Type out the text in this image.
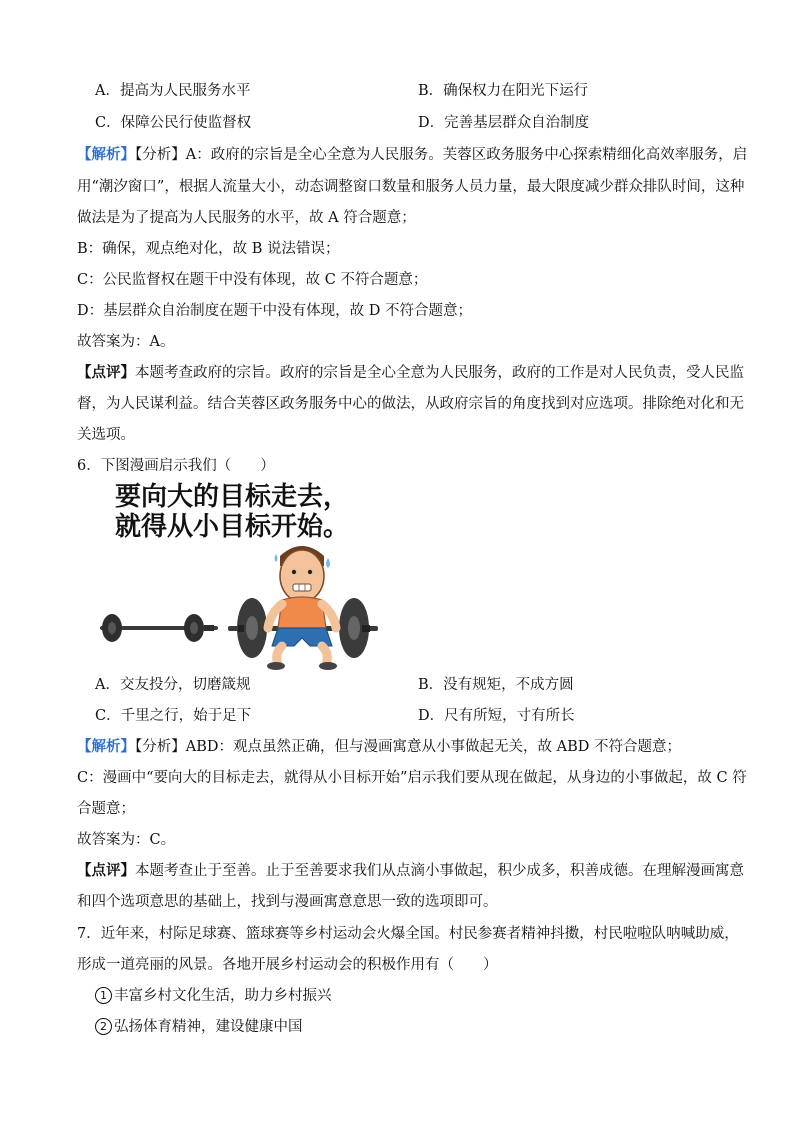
A．提高为人民服务水平	B．确保权力在阳光下运行
C．保障公民行使监督权	D．完善基层群众自治制度
【解析】【分析】A：政府的宗旨是全心全意为人民服务。芙蓉区政务服务中心探索精细化高效率服务，启
用“潮汐窗口”，根据人流量大小，动态调整窗口数量和服务人员力量，最大限度减少群众排队时间，这种
做法是为了提高为人民服务的水平，故 A 符合题意；
B：确保，观点绝对化，故 B 说法错误；
C：公民监督权在题干中没有体现，故 C 不符合题意；
D：基层群众自治制度在题干中没有体现，故 D 不符合题意；
故答案为：A。
【点评】本题考查政府的宗旨。政府的宗旨是全心全意为人民服务，政府的工作是对人民负责，受人民监
督，为人民谋利益。结合芙蓉区政务服务中心的做法，从政府宗旨的角度找到对应选项。排除绝对化和无
关选项。
6．下图漫画启示我们（　　）
要向大的目标走去，
就得从小目标开始。
A．交友投分，切磨箴规	B．没有规矩，不成方圆
C．千里之行，始于足下	D．尺有所短，寸有所长
【解析】【分析】ABD：观点虽然正确，但与漫画寓意从小事做起无关，故 ABD 不符合题意；
C：漫画中“要向大的目标走去，就得从小目标开始”启示我们要从现在做起，从身边的小事做起，故 C 符
合题意；
故答案为：C。
【点评】本题考查止于至善。止于至善要求我们从点滴小事做起，积少成多，积善成德。在理解漫画寓意
和四个选项意思的基础上，找到与漫画寓意意思一致的选项即可。
7．近年来，村际足球赛、篮球赛等乡村运动会火爆全国。村民参赛者精神抖擞，村民啦啦队呐喊助威，
形成一道亮丽的风景。各地开展乡村运动会的积极作用有（　　）
1 丰富乡村文化生活，助力乡村振兴
2 弘扬体育精神，建设健康中国
